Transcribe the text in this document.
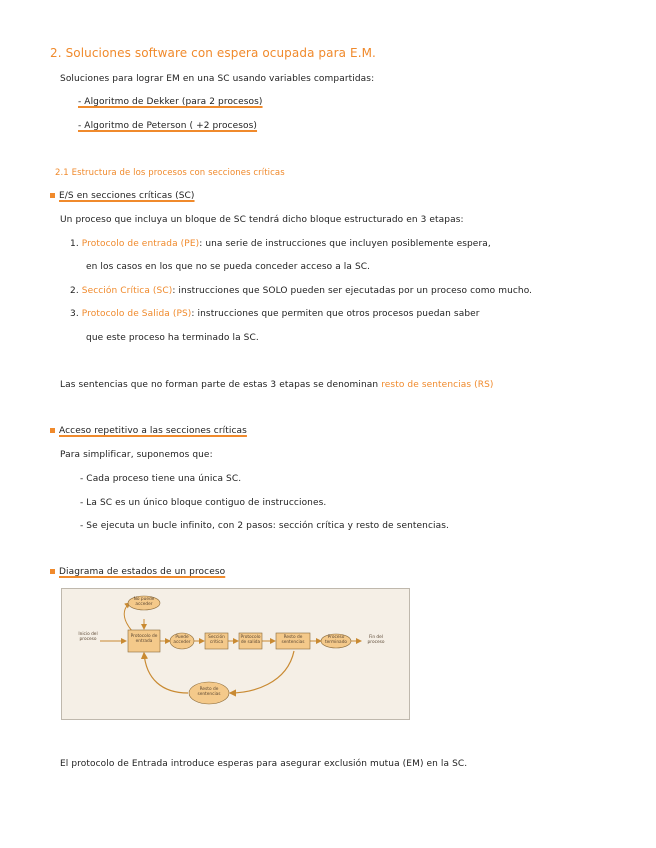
2. Soluciones software con espera ocupada para E.M.
Soluciones para lograr EM en una SC usando variables compartidas:
- Algoritmo de Dekker (para 2 procesos)
- Algoritmo de Peterson ( +2 procesos)
2.1 Estructura de los procesos con secciones críticas
E/S en secciones críticas (SC)
Un proceso que incluya un bloque de SC tendrá dicho bloque estructurado en 3 etapas:
1. Protocolo de entrada (PE): una serie de instrucciones que incluyen posiblemente espera,
en los casos en los que no se pueda conceder acceso a la SC.
2. Sección Crítica (SC): instrucciones que SOLO pueden ser ejecutadas por un proceso como mucho.
3. Protocolo de Salida (PS): instrucciones que permiten que otros procesos puedan saber
que este proceso ha terminado la SC.
Las sentencias que no forman parte de estas 3 etapas se denominan resto de sentencias (RS)
Acceso repetitivo a las secciones críticas
Para simplificar, suponemos que:
- Cada proceso tiene una única SC.
- La SC es un único bloque contiguo de instrucciones.
- Se ejecuta un bucle infinito, con 2 pasos: sección crítica y resto de sentencias.
Diagrama de estados de un proceso
Inicio del proceso
No puede acceder
Protocolo de entrada
Puede acceder
Sección crítica
Protocolo de salida
Resto de sentencias
Proceso terminado
Fin del proceso
Resto de sentencias
El protocolo de Entrada introduce esperas para asegurar exclusión mutua (EM) en la SC.
